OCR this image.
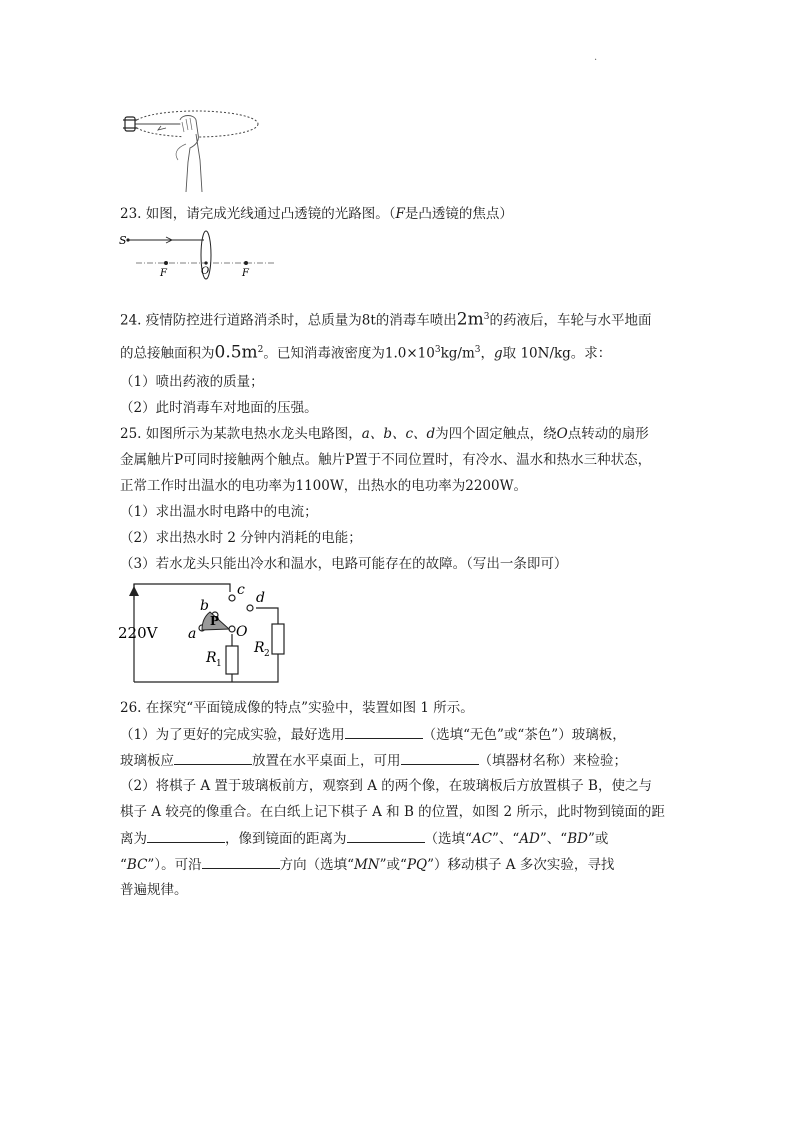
.
23. 如图，请完成光线通过凸透镜的光路图。（F是凸透镜的焦点）
S
F	O	F
24. 疫情防控进行道路消杀时，总质量为8t的消毒车喷出$2m^3$的药液后，车轮与水平地面
的总接触面积为$0.5m^2$。已知消毒液密度为$1.0\times 10^3kg/m^3$，g取 10N/kg。求：
（1）喷出药液的质量；
（2）此时消毒车对地面的压强。
25. 如图所示为某款电热水龙头电路图，a、b、c、d为四个固定触点，绕O点转动的扇形
金属触片P可同时接触两个触点。触片P置于不同位置时，有冷水、温水和热水三种状态，
正常工作时出温水的电功率为1100W，出热水的电功率为2200W。
（1）求出温水时电路中的电流；
（2）求出热水时 2 分钟内消耗的电能；
（3）若水龙头只能出冷水和温水，电路可能存在的故障。（写出一条即可）
220V
b
c d
a
P
O
R 1
R 2
26. 在探究“平面镜成像的特点”实验中，装置如图 1 所示。
（1）为了更好的完成实验，最好选用	（选填“无色”或“茶色”）玻璃板，
玻璃板应	放置在水平桌面上，可用	（填器材名称）来检验；
（2）将棋子 A 置于玻璃板前方，观察到 A 的两个像，在玻璃板后方放置棋子 B，使之与
棋子 A 较亮的像重合。在白纸上记下棋子 A 和 B 的位置，如图 2 所示，此时物到镜面的距
离为	，像到镜面的距离为	（选填“AC”、“AD”、“BD”或
“BC”）。可沿	方向（选填“MN”或“PQ”）移动棋子 A 多次实验，寻找
普遍规律。
